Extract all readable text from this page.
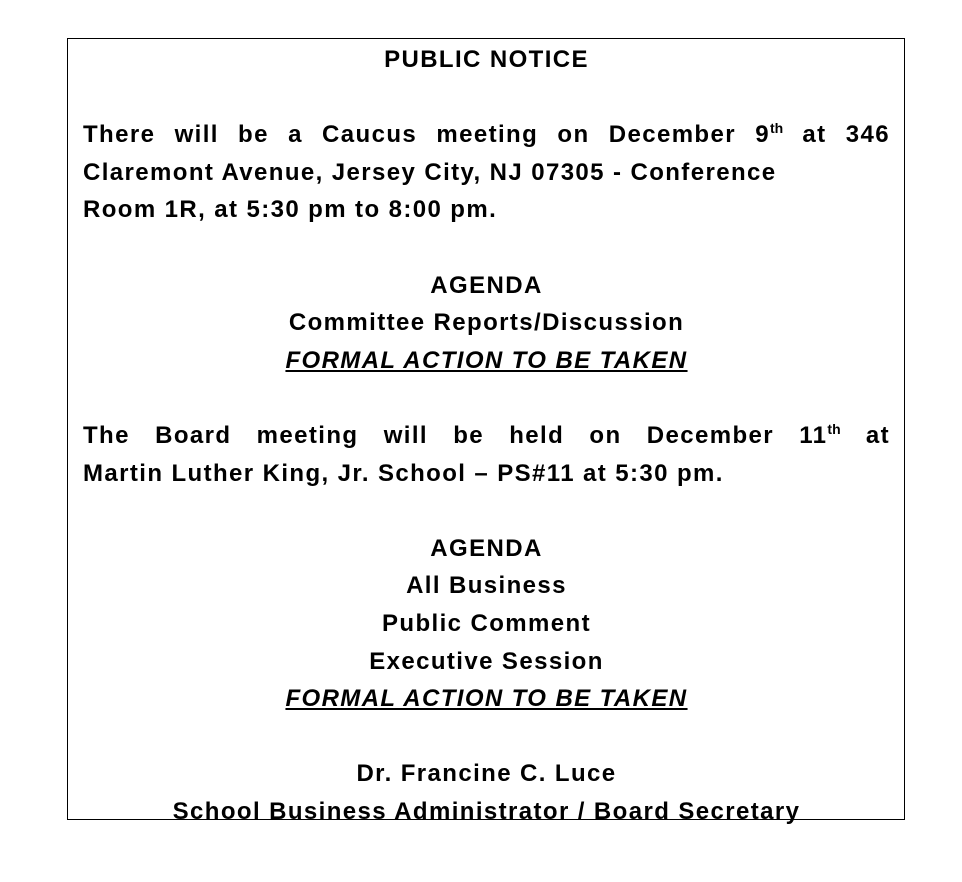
PUBLIC NOTICE

There will be a Caucus meeting on December 9th at 346

Claremont Avenue, Jersey City, NJ 07305 - Conference

Room 1R, at 5:30 pm to 8:00 pm.

AGENDA

Committee Reports/Discussion

FORMAL ACTION TO BE TAKEN

The Board meeting will be held on December 11th at

Martin Luther King, Jr. School – PS#11 at 5:30 pm.

AGENDA

All Business

Public Comment

Executive Session

FORMAL ACTION TO BE TAKEN

Dr. Francine C. Luce

School Business Administrator / Board Secretary
